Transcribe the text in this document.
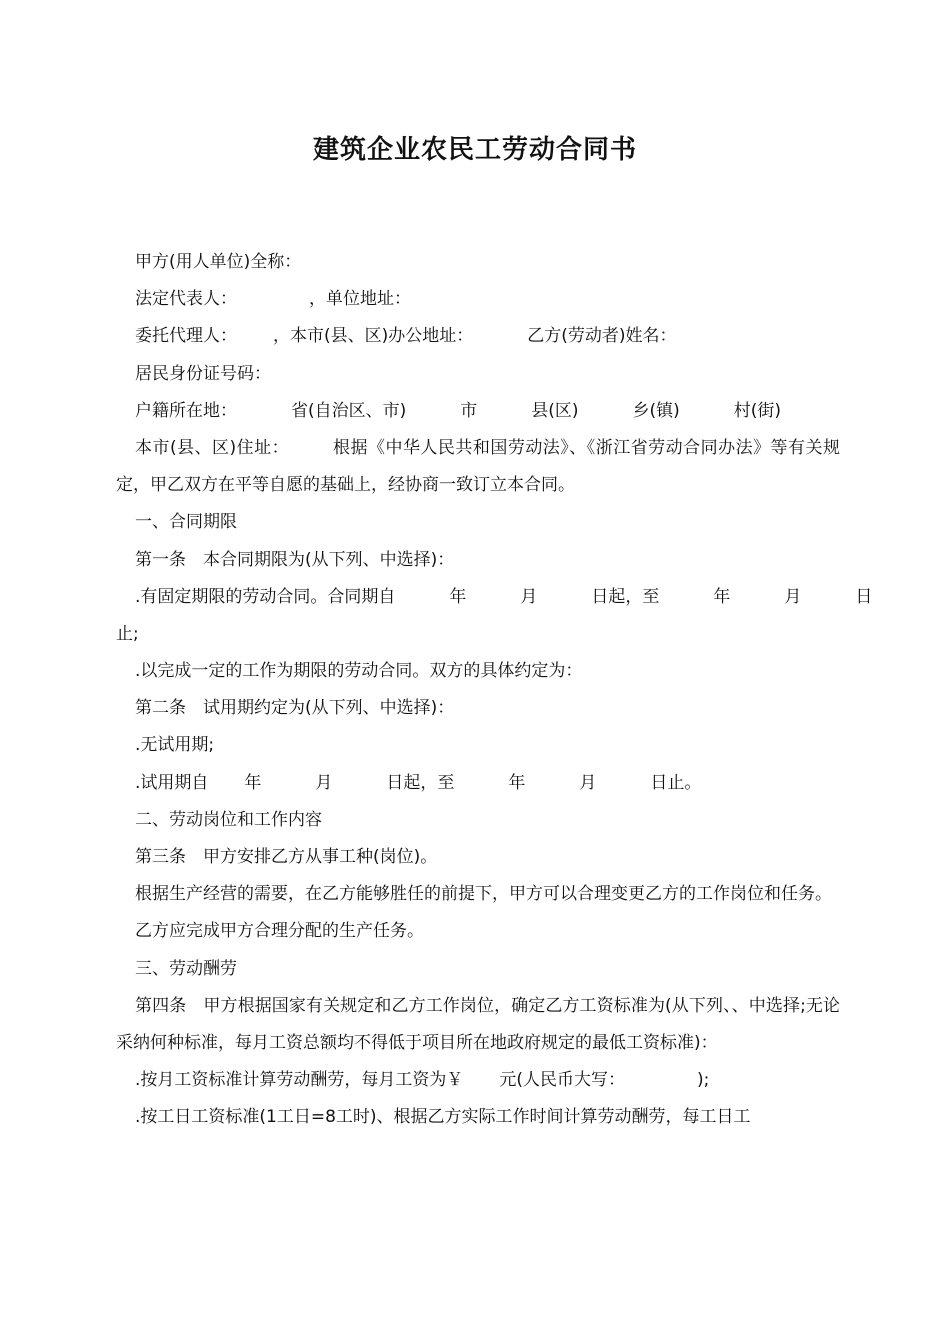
建筑企业农民工劳动合同书
甲方(用人单位)全称：
法定代表人：	，单位地址：
委托代理人： ，本市(县、区)办公地址：	乙方(劳动者)姓名：
居民身份证号码：
户籍所在地：	省(自治区、市)	市	县(区)	乡(镇)	村(街)
本市(县、区)住址：　　　根据《中华人民共和国劳动法》、《浙江省劳动合同办法》等有关规定，甲乙双方在平等自愿的基础上，经协商一致订立本合同。
一、合同期限
第一条　本合同期限为(从下列、中选择)：
.有固定期限的劳动合同。合同期自	年	月	日起，至	年	月	日
止;
.以完成一定的工作为期限的劳动合同。双方的具体约定为：
第二条　试用期约定为(从下列、中选择)：
.无试用期;
.试用期自 年	月	日起，至	年	月	日止。
二、劳动岗位和工作内容
第三条　甲方安排乙方从事工种(岗位)。
根据生产经营的需要，在乙方能够胜任的前提下，甲方可以合理变更乙方的工作岗位和任务。
乙方应完成甲方合理分配的生产任务。
三、劳动酬劳
第四条　甲方根据国家有关规定和乙方工作岗位，确定乙方工资标准为(从下列、、中选择;无论采纳何种标准，每月工资总额均不得低于项目所在地政府规定的最低工资标准)：
.按月工资标准计算劳动酬劳，每月工资为￥ 元(人民币大写：	);
.按工日工资标准(1工日=8工时)、根据乙方实际工作时间计算劳动酬劳，每工日工
